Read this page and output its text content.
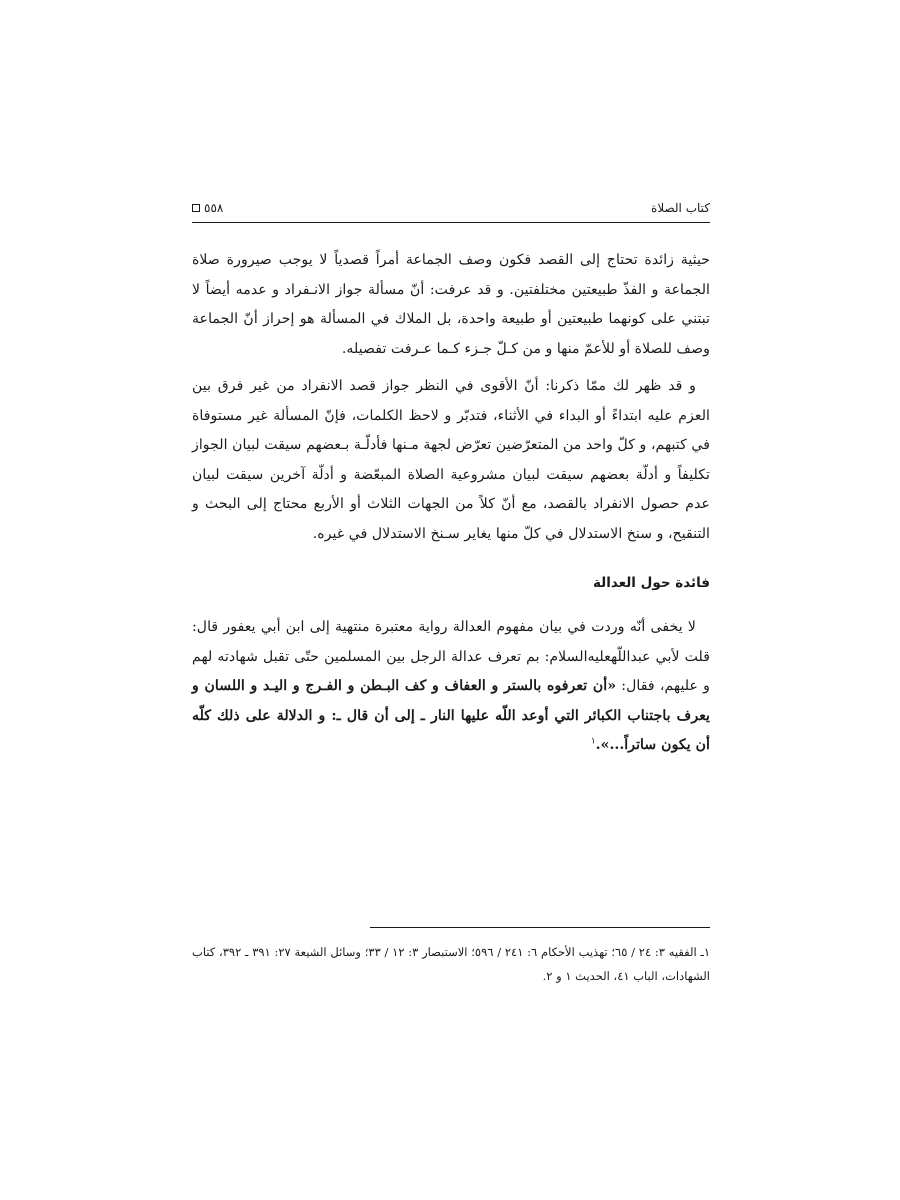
كتاب الصلاة
٥٥٨

حيثية زائدة تحتاج إلى القصد فكون وصف الجماعة أمراً قصدياً لا يوجب صيرورة صلاة الجماعة و الفذّ طبيعتين مختلفتين. و قد عرفت: أنّ مسألة جواز الانـفراد و عدمه أيضاً لا تبتني على كونهما طبيعتين أو طبيعة واحدة، بل الملاك في المسألة هو إحراز أنّ الجماعة وصف للصلاة أو للأعمّ منها و من كـلّ جـزء كـما عـرفت تفصيله.

و قد ظهر لك ممّا ذكرنا: أنّ الأقوى في النظر جواز قصد الانفراد من غير فرق بين العزم عليه ابتداءً أو البداء في الأثناء، فتدبّر و لاحظ الكلمات، فإنّ المسألة غير مستوفاة في كتبهم، و كلّ واحد من المتعرّضين تعرّض لجهة مـنها فأدلّـة بـعضهم سيقت لبيان الجواز تكليفاً و أدلّة بعضهم سيقت لبيان مشروعية الصلاة المبعّضة و أدلّة آخرين سيقت لبيان عدم حصول الانفراد بالقصد، مع أنّ كلاً من الجهات الثلاث أو الأربع محتاج إلى البحث و التنقيح، و سنخ الاستدلال في كلّ منها يغاير سـنخ الاستدلال في غيره.

فائدة حول العدالة

لا يخفى أنّه وردت في بيان مفهوم العدالة رواية معتبرة منتهية إلى ابن أبي يعفور قال: قلت لأبي عبداللّهعليه‌السلام: بم تعرف عدالة الرجل بين المسلمين حتّى تقبل شهادته لهم و عليهم، فقال: «أن تعرفوه بالستر و العفاف و كف البـطن و الفـرج و اليـد و اللسان و يعرف باجتناب الكبائر التي أوعد اللّه عليها النار ـ إلى أن قال ـ: و الدلالة على ذلك كلّه أن يكون ساتراً...».$^١$

١ـ الفقيه ٣: ٢٤ / ٦٥؛ تهذيب الأحكام ٦: ٢٤١ / ٥٩٦؛ الاستبصار ٣: ١٢ / ٣٣؛ وسائل الشيعة ٢٧: ٣٩١ ـ ٣٩٢، كتاب الشهادات، الباب ٤١، الحديث ١ و ٢.
